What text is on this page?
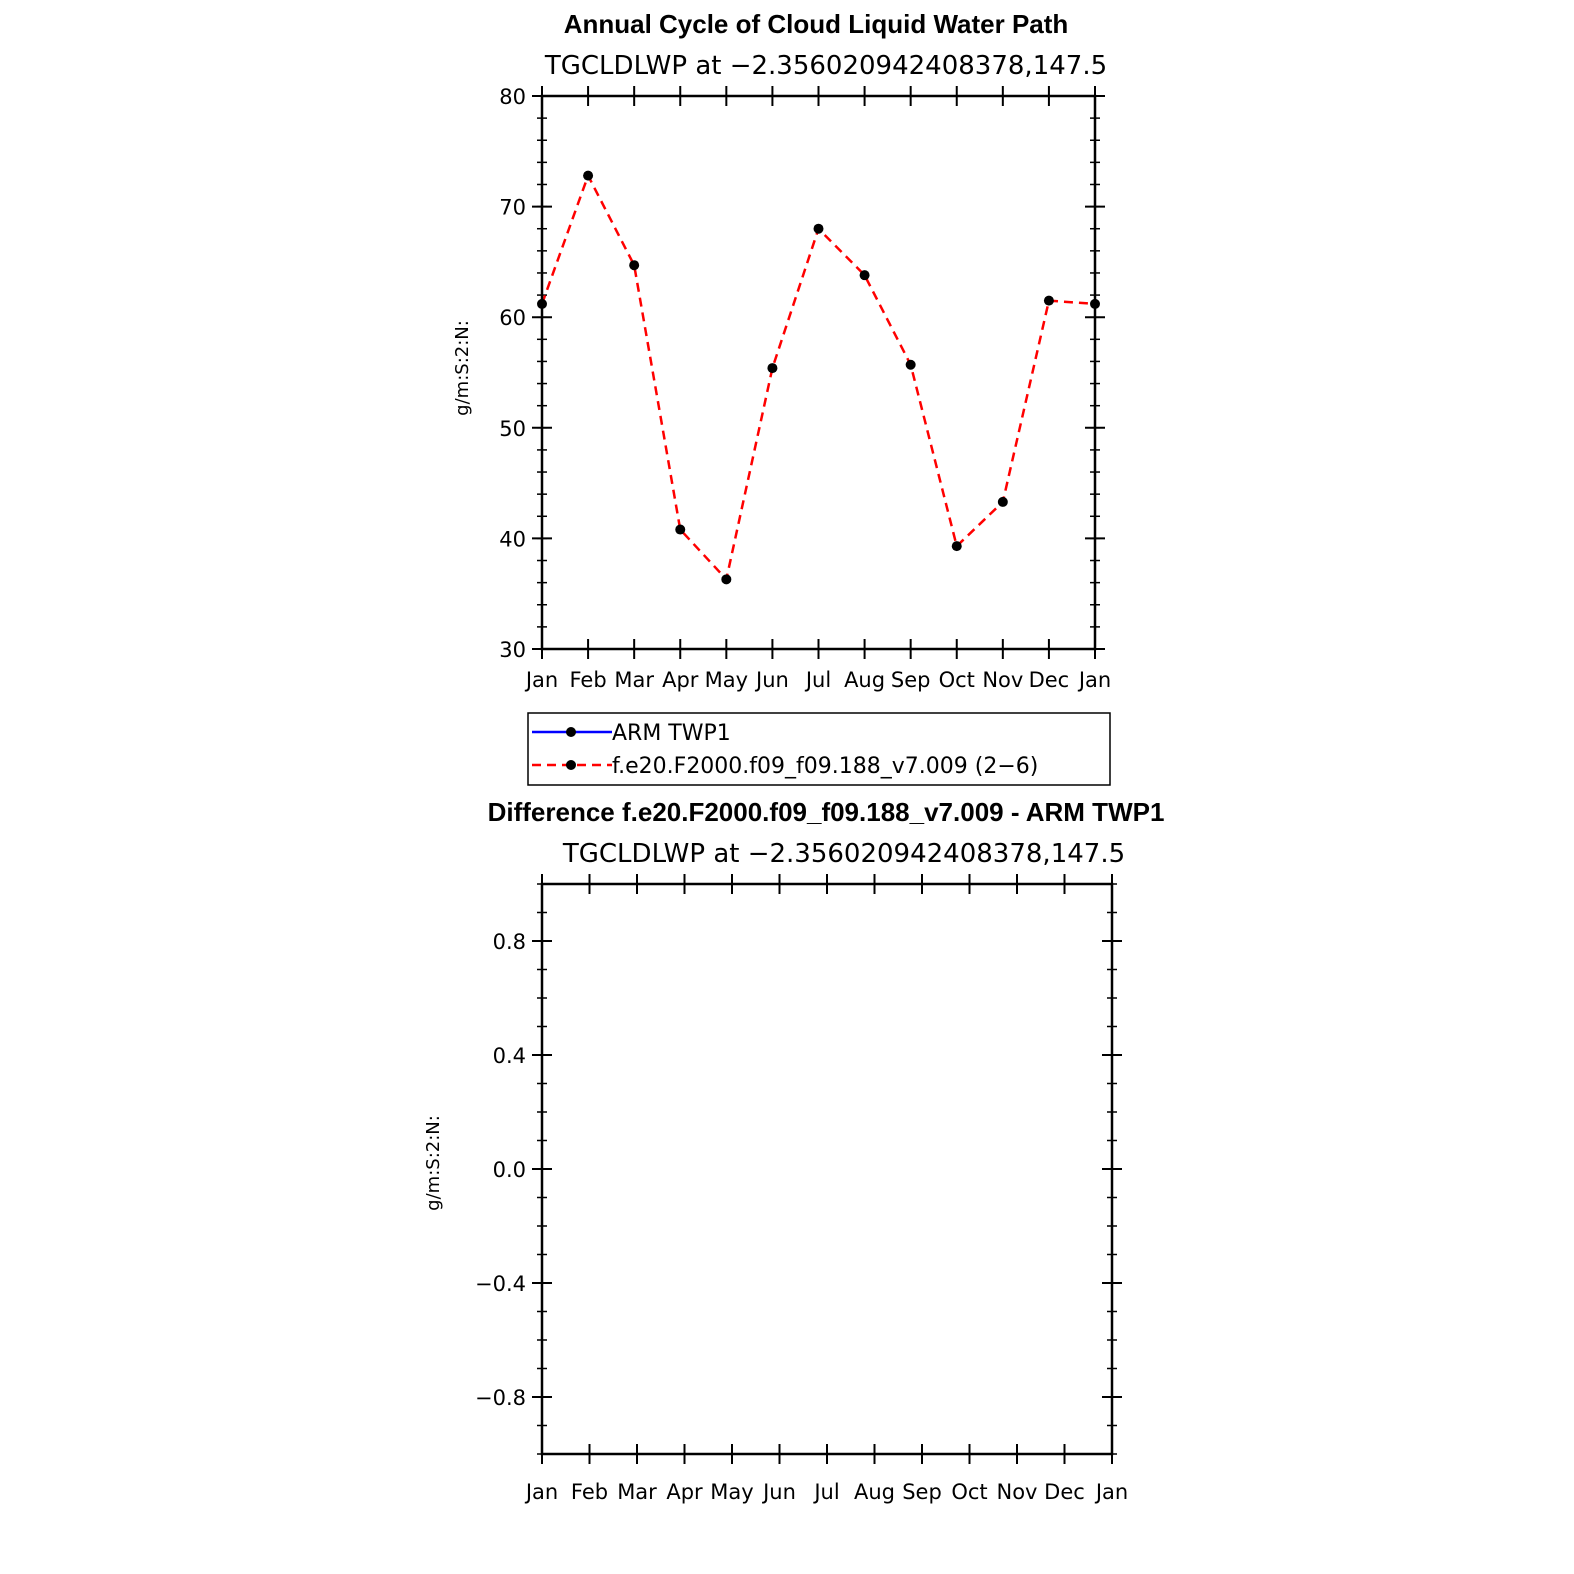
Annual Cycle of Cloud Liquid Water Path
TGCLDLWP at −2.356020942408378,147.5
g/m:S:2:N:
30
40
50
60
70
80
Jan Feb Mar Apr May Jun Jul Aug Sep Oct Nov Dec Jan
ARM TWP1
f.e20.F2000.f09_f09.188_v7.009 (2−6)
Difference f.e20.F2000.f09_f09.188_v7.009 - ARM TWP1
TGCLDLWP at −2.356020942408378,147.5
g/m:S:2:N:
−0.8
−0.4
0.0
0.4
0.8
Jan Feb Mar Apr May Jun Jul Aug Sep Oct Nov Dec Jan
